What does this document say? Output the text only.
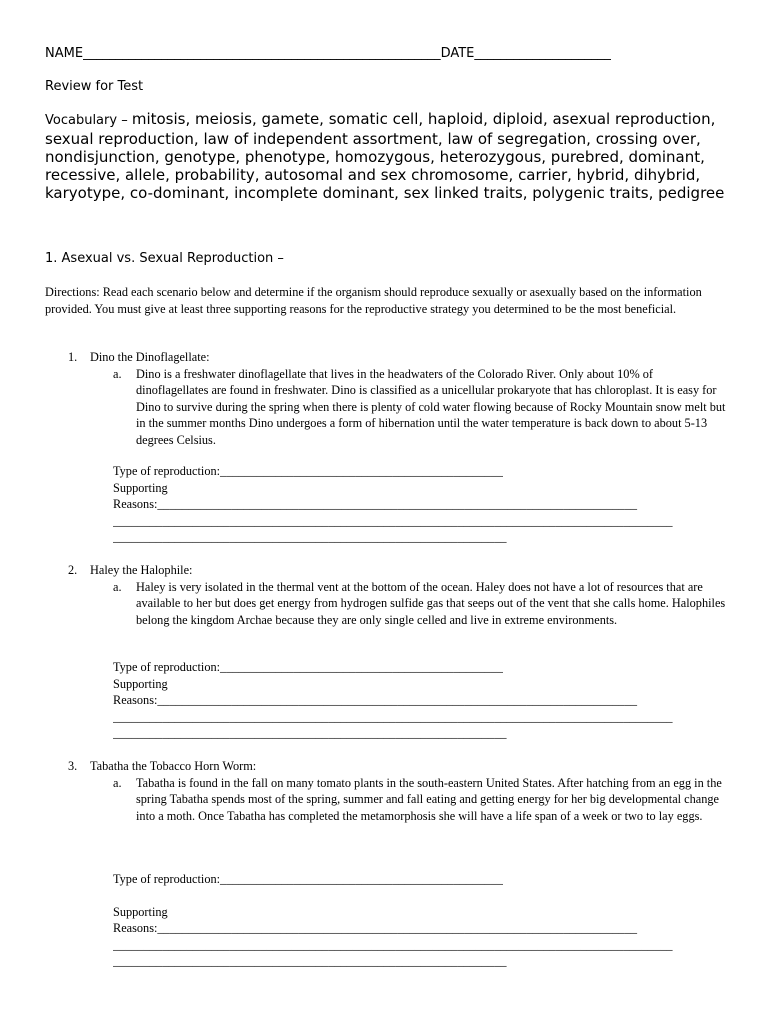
NAME_______________________________________________________DATE_____________________
Review for Test
Vocabulary – mitosis, meiosis, gamete, somatic cell, haploid, diploid, asexual reproduction, sexual reproduction, law of independent assortment, law of segregation, crossing over, nondisjunction, genotype, phenotype, homozygous, heterozygous, purebred, dominant, recessive, allele, probability, autosomal and sex chromosome, carrier, hybrid, dihybrid, karyotype, co-dominant, incomplete dominant, sex linked traits, polygenic traits, pedigree
1. Asexual vs. Sexual Reproduction –
Directions: Read each scenario below and determine if the organism should reproduce sexually or asexually based on the information provided. You must give at least three supporting reasons for the reproductive strategy you determined to be the most beneficial.
1. Dino the Dinoflagellate:
a. Dino is a freshwater dinoflagellate that lives in the headwaters of the Colorado River. Only about 10% of dinoflagellates are found in freshwater. Dino is classified as a unicellular prokaryote that has chloroplast. It is easy for Dino to survive during the spring when there is plenty of cold water flowing because of Rocky Mountain snow melt but in the summer months Dino undergoes a form of hibernation until the water temperature is back down to about 5-13 degrees Celsius.
Type of reproduction:______________________________________________
Supporting
Reasons:______________________________________________________________________________
___________________________________________________________________________________________
________________________________________________________________
2. Haley the Halophile:
a. Haley is very isolated in the thermal vent at the bottom of the ocean. Haley does not have a lot of resources that are available to her but does get energy from hydrogen sulfide gas that seeps out of the vent that she calls home. Halophiles belong the kingdom Archae because they are only single celled and live in extreme environments.
Type of reproduction:______________________________________________
Supporting
Reasons:______________________________________________________________________________
___________________________________________________________________________________________
________________________________________________________________
3. Tabatha the Tobacco Horn Worm:
a. Tabatha is found in the fall on many tomato plants in the south-eastern United States. After hatching from an egg in the spring Tabatha spends most of the spring, summer and fall eating and getting energy for her big developmental change into a moth. Once Tabatha has completed the metamorphosis she will have a life span of a week or two to lay eggs.
Type of reproduction:______________________________________________
Supporting
Reasons:______________________________________________________________________________
___________________________________________________________________________________________
________________________________________________________________
